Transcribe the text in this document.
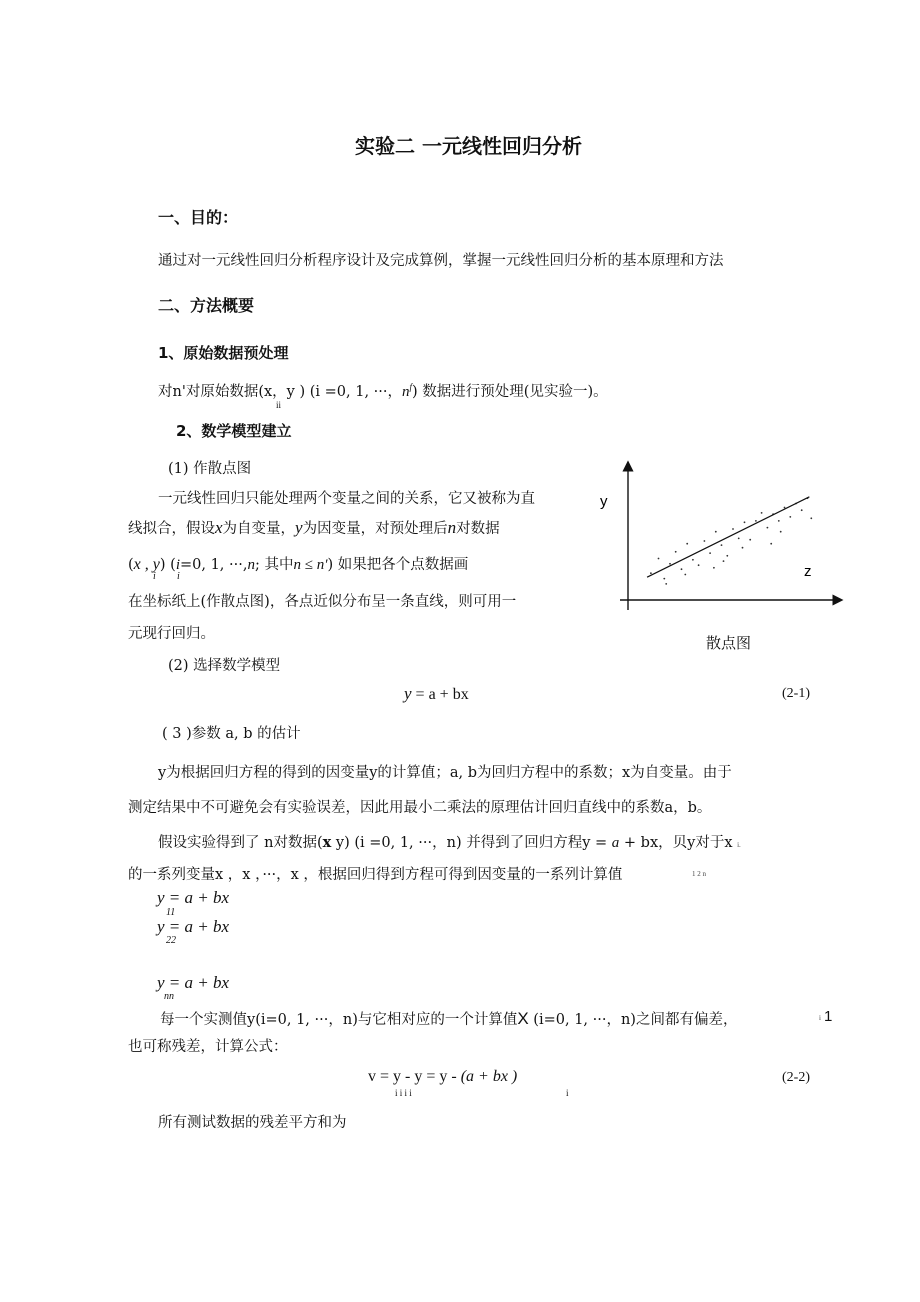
实验二 一元线性回归分析
一、目的：
通过对一元线性回归分析程序设计及完成算例，掌握一元线性回归分析的基本原理和方法
二、方法概要
1、原始数据预处理
对n'对原始数据(x，y ) (i =0, 1, ···，$n^f$) 数据进行预处理(见实验一)。
ii
2、数学模型建立
(1) 作散点图
一元线性回归只能处理两个变量之间的关系，它又被称为直
线拟合，假设x为自变量，y为因变量，对预处理后n对数据
(x , y) (i=0, 1, ···,n; 其中n ≤ n′) 如果把各个点数据画
i i
在坐标纸上(作散点图)，各点近似分布呈一条直线，则可用一
元现行回归。
y
z
散点图
(2) 选择数学模型
y = a + bx	(2-1)
( 3 )参数 a, b 的估计
y为根据回归方程的得到的因变量y的计算值；a, b为回归方程中的系数；x为自变量。由于
测定结果中不可避免会有实验误差，因此用最小二乘法的原理估计回归直线中的系数a，b。
假设实验得到了 n对数据(x y) (i =0, 1, ···，n) 并得到了回归方程y = a + bx，贝y对于x i.
的一系列变量x ，x ，···，x ，根据回归得到方程可得到因变量的一系列计算值	1 2 n
y = a + bx
11
y = a + bx
22
y = a + bx
nn
每一个实测值y(i=0, 1, ···，n)与它相对应的一个计算值X (i=0, 1, ···，n)之间都有偏差，	i 1
也可称残差，计算公式：
v = y - y = y - (a + bx )
i i i i	i
(2-2)
所有测试数据的残差平方和为
